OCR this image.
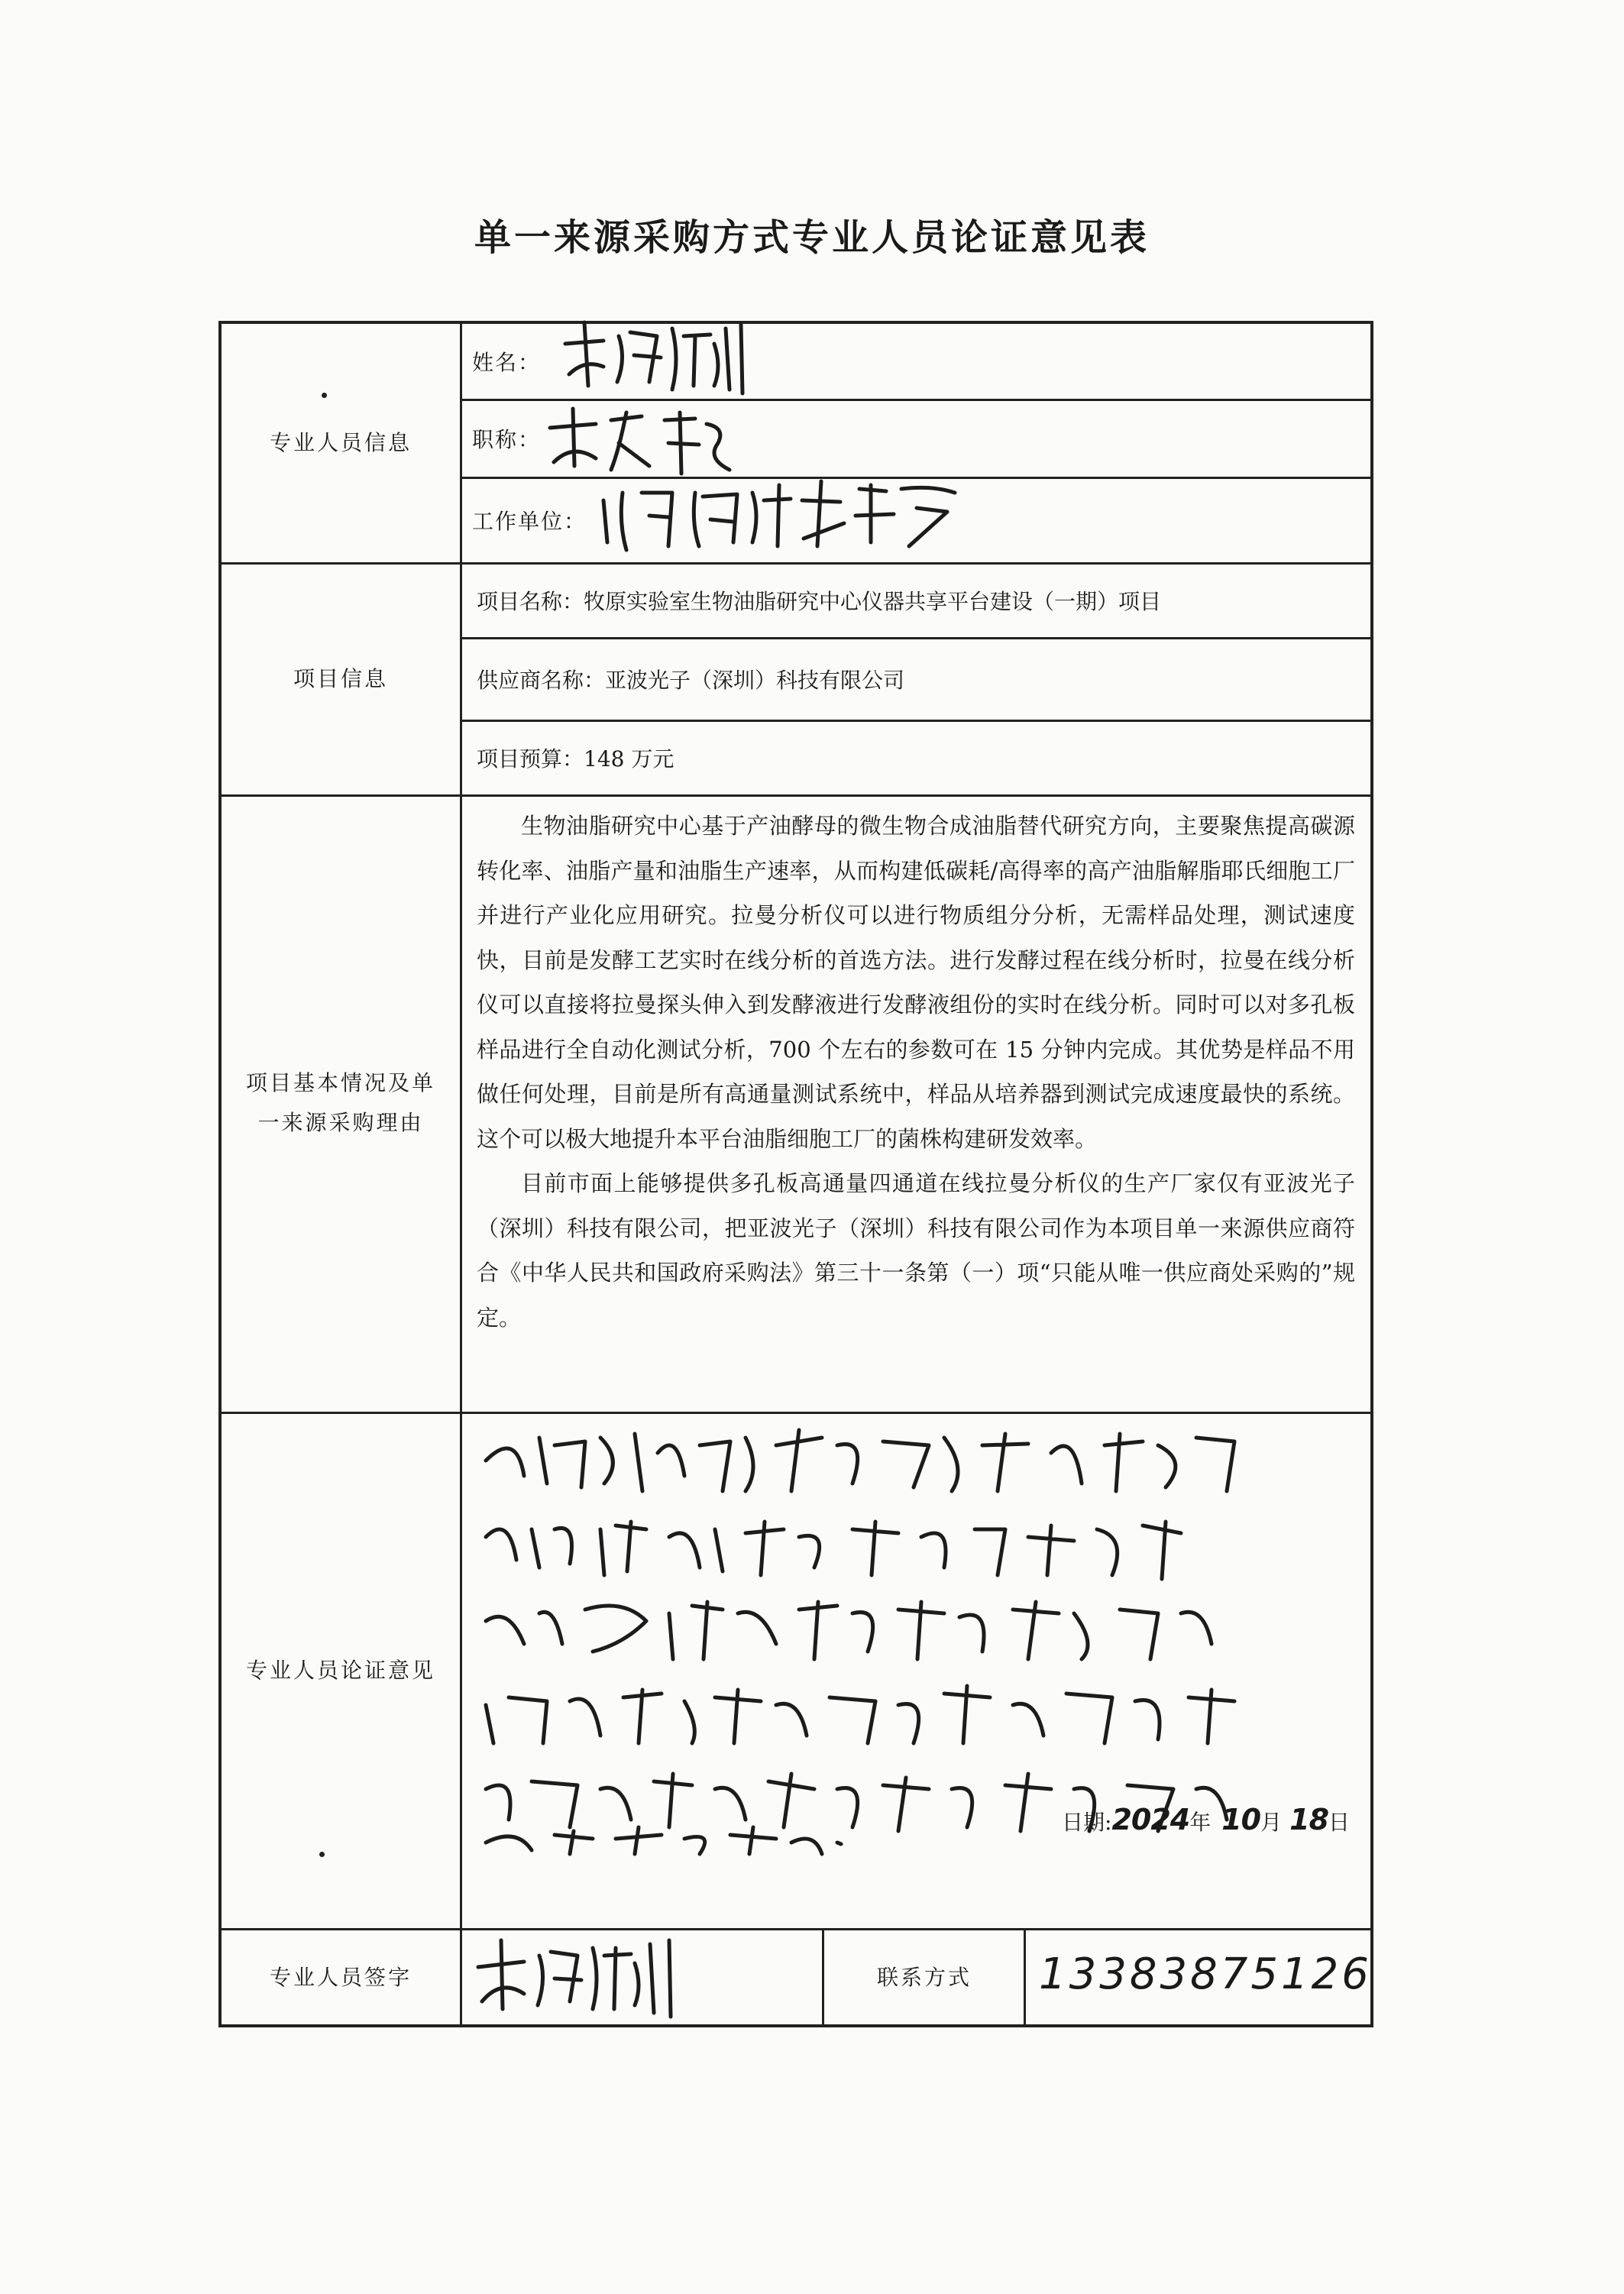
单一来源采购方式专业人员论证意见表
专业人员信息
项目信息
项目基本情况及单一来源采购理由
专业人员论证意见
专业人员签字	联系方式
姓名：
职称：
工作单位：
项目名称：牧原实验室生物油脂研究中心仪器共享平台建设（一期）项目
供应商名称：亚波光子（深圳）科技有限公司
项目预算：148 万元

生物油脂研究中心基于产油酵母的微生物合成油脂替代研究方向，主要聚焦提高碳源转化率、油脂产量和油脂生产速率，从而构建低碳耗/高得率的高产油脂解脂耶氏细胞工厂并进行产业化应用研究。拉曼分析仪可以进行物质组分分析，无需样品处理，测试速度快，目前是发酵工艺实时在线分析的首选方法。进行发酵过程在线分析时，拉曼在线分析仪可以直接将拉曼探头伸入到发酵液进行发酵液组份的实时在线分析。同时可以对多孔板样品进行全自动化测试分析，700 个左右的参数可在 15 分钟内完成。其优势是样品不用做任何处理，目前是所有高通量测试系统中，样品从培养器到测试完成速度最快的系统。这个可以极大地提升本平台油脂细胞工厂的菌株构建研发效率。

目前市面上能够提供多孔板高通量四通道在线拉曼分析仪的生产厂家仅有亚波光子（深圳）科技有限公司，把亚波光子（深圳）科技有限公司作为本项目单一来源供应商符合《中华人民共和国政府采购法》第三十一条第（一）项“只能从唯一供应商处采购的”规定。

日期: 2024 年 10 月 18 日
13383875126
